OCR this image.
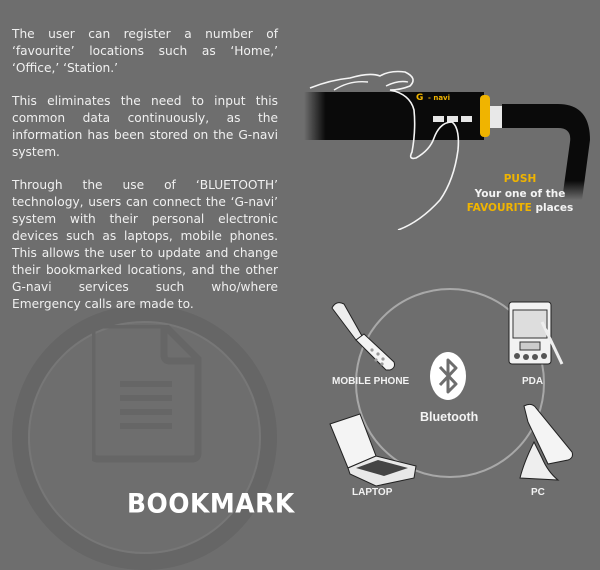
The user can register a number of ‘favourite’ locations such as ‘Home,’ ‘Office,’ ‘Station.’

This eliminates the need to input this common data continuously, as the information has been stored on the G-navi system.

Through the use of ‘BLUETOOTH’ technology, users can connect the ‘G-navi’ system with their personal electronic devices such as laptops, mobile phones. This allows the user to update and change their bookmarked locations, and the other G-navi services such who/where Emergency calls are made to.

BOOKMARK
G - navi
PUSH
Your one of the
FAVOURITE places
Bluetooth
MOBILE PHONE	PDA
LAPTOP	PC
